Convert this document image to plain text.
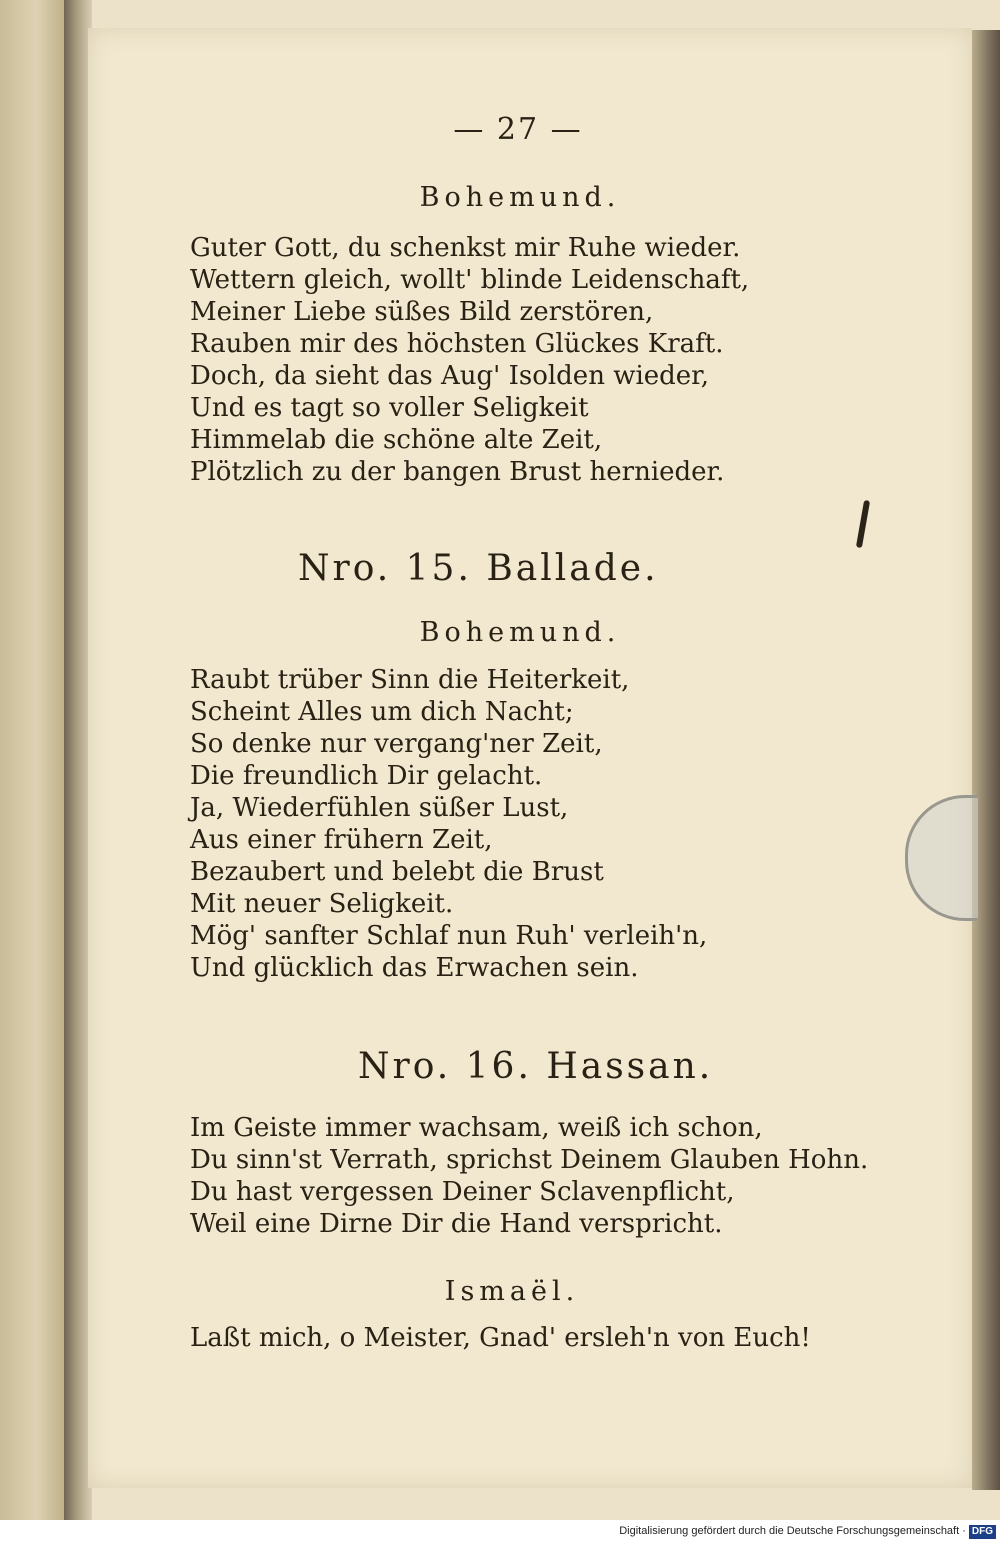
— 27 —
Bohemund.
Guter Gott, du schenkst mir Ruhe wieder.
Wettern gleich, wollt' blinde Leidenschaft,
Meiner Liebe süßes Bild zerstören,
Rauben mir des höchsten Glückes Kraft.
Doch, da sieht das Aug' Isolden wieder,
Und es tagt so voller Seligkeit
Himmelab die schöne alte Zeit,
Plötzlich zu der bangen Brust hernieder.
Nro. 15. Ballade.
Bohemund.
Raubt trüber Sinn die Heiterkeit,
Scheint Alles um dich Nacht;
So denke nur vergang'ner Zeit,
Die freundlich Dir gelacht.
Ja, Wiederfühlen süßer Lust,
Aus einer frühern Zeit,
Bezaubert und belebt die Brust
Mit neuer Seligkeit.
Mög' sanfter Schlaf nun Ruh' verleih'n,
Und glücklich das Erwachen sein.
Nro. 16. Hassan.
Im Geiste immer wachsam, weiß ich schon,
Du sinn'st Verrath, sprichst Deinem Glauben Hohn.
Du hast vergessen Deiner Sclavenpflicht,
Weil eine Dirne Dir die Hand verspricht.
Ismaël.
Laßt mich, o Meister, Gnad' ersleh'n von Euch!
Digitalisierung gefördert durch die Deutsche Forschungsgemeinschaft · DFG
